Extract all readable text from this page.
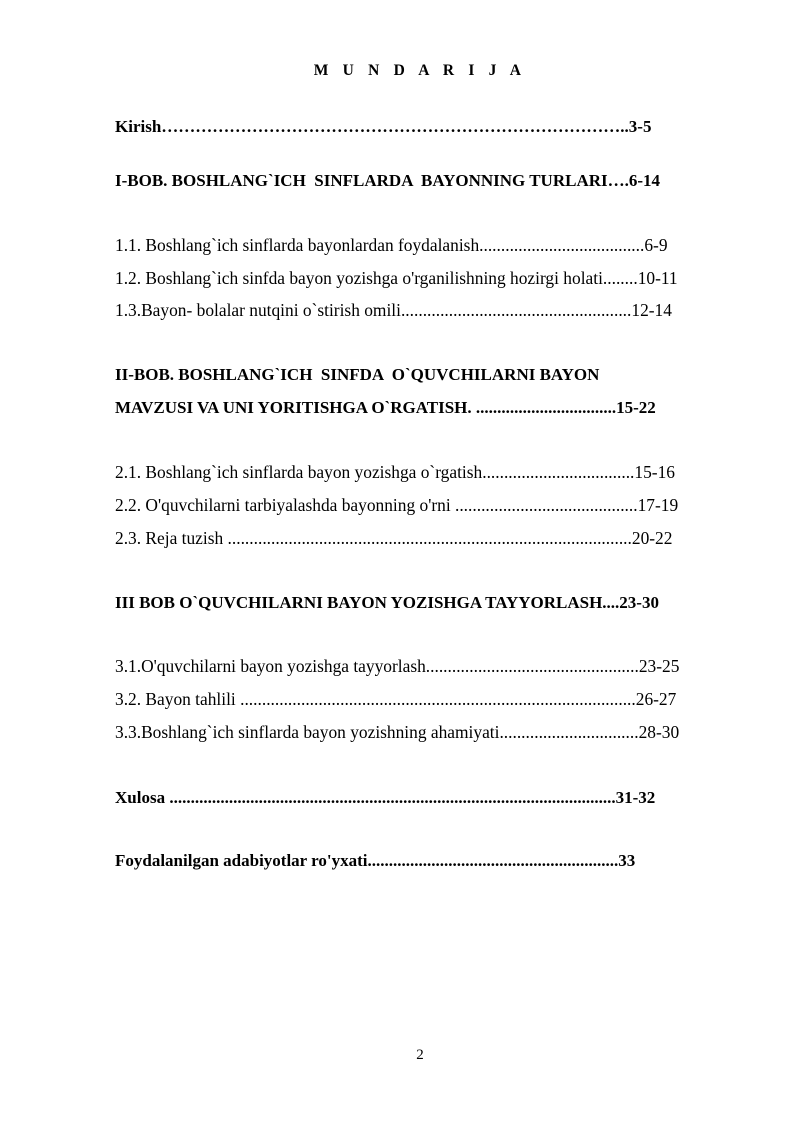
M U N D A R I J A
Kirish………………………………………………………………………..3-5
I-BOB. BOSHLANG`ICH  SINFLARDA  BAYONNING TURLARI….6-14
1.1. Boshlang`ich sinflarda bayonlardan foydalanish......................................6-9
1.2. Boshlang`ich sinfda bayon yozishga o'rganilishning hozirgi holati........10-11
1.3.Bayon- bolalar nutqini o`stirish omili.....................................................12-14
II-BOB. BOSHLANG`ICH  SINFDA  O`QUVCHILARNI BAYON
MAVZUSI VA UNI YORITISHGA O`RGATISH. .................................15-22
2.1. Boshlang`ich sinflarda bayon yozishga o`rgatish...................................15-16
2.2. O'quvchilarni tarbiyalashda bayonning o'rni ..........................................17-19
2.3. Reja tuzish .............................................................................................20-22
III BOB O`QUVCHILARNI BAYON YOZISHGA TAYYORLASH....23-30
3.1.O'quvchilarni bayon yozishga tayyorlash.................................................23-25
3.2. Bayon tahlili ...........................................................................................26-27
3.3.Boshlang`ich sinflarda bayon yozishning ahamiyati................................28-30
Xulosa .........................................................................................................31-32
Foydalanilgan adabiyotlar ro'yxati...........................................................33
2
